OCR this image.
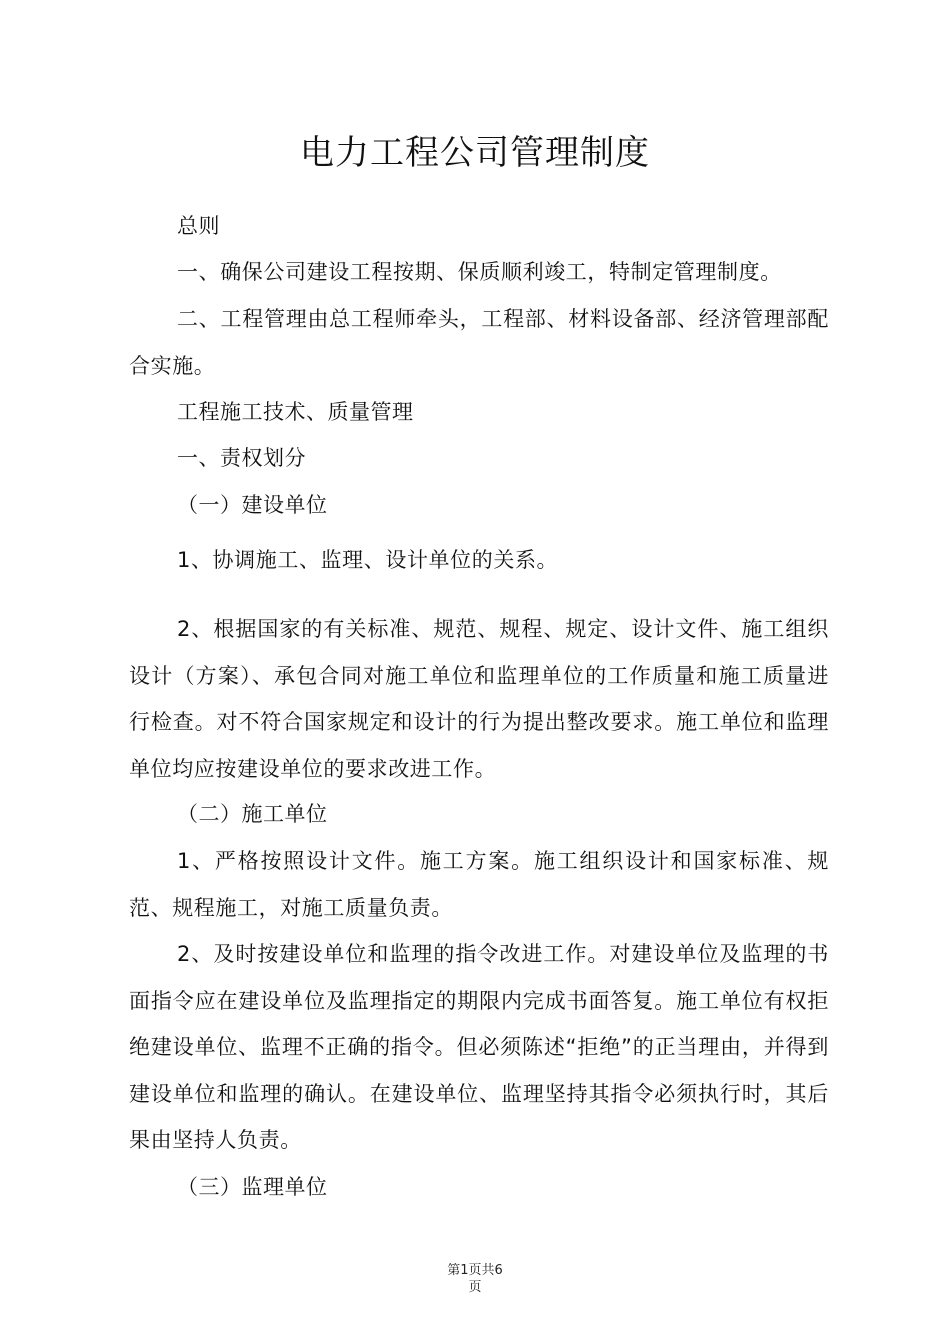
电力工程公司管理制度
总则
一、确保公司建设工程按期、保质顺利竣工，特制定管理制度。
二、工程管理由总工程师牵头，工程部、材料设备部、经济管理部配合实施。
工程施工技术、质量管理
一、责权划分
（一）建设单位
1、协调施工、监理、设计单位的关系。
2、根据国家的有关标准、规范、规程、规定、设计文件、施工组织设计（方案）、承包合同对施工单位和监理单位的工作质量和施工质量进行检查。对不符合国家规定和设计的行为提出整改要求。施工单位和监理单位均应按建设单位的要求改进工作。
（二）施工单位
1、严格按照设计文件。施工方案。施工组织设计和国家标准、规范、规程施工，对施工质量负责。
2、及时按建设单位和监理的指令改进工作。对建设单位及监理的书面指令应在建设单位及监理指定的期限内完成书面答复。施工单位有权拒绝建设单位、监理不正确的指令。但必须陈述“拒绝”的正当理由，并得到建设单位和监理的确认。在建设单位、监理坚持其指令必须执行时，其后果由坚持人负责。
（三）监理单位
第1页共6
页
